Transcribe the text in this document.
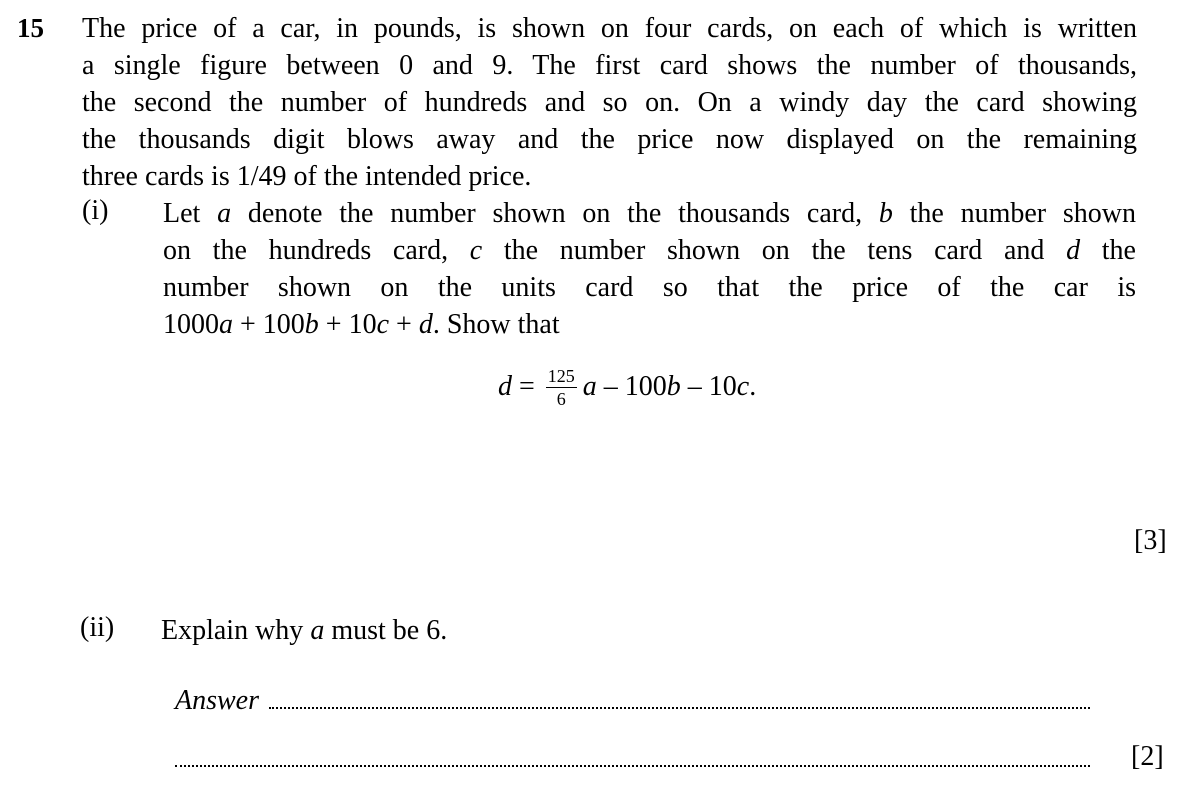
15 The price of a car, in pounds, is shown on four cards, on each of which is written
a single figure between 0 and 9. The first card shows the number of thousands,
the second the number of hundreds and so on. On a windy day the card showing
the thousands digit blows away and the price now displayed on the remaining
three cards is 1/49 of the intended price.
(i) Let a denote the number shown on the thousands card, b the number shown
on the hundreds card, c the number shown on the tens card and d the
number shown on the units card so that the price of the car is
1000a + 100b + 10c + d. Show that
$d = \frac{125}{6}$ a – 100 b – 10 c .
[3]
(ii) Explain why a must be 6.
Answer
[2]
